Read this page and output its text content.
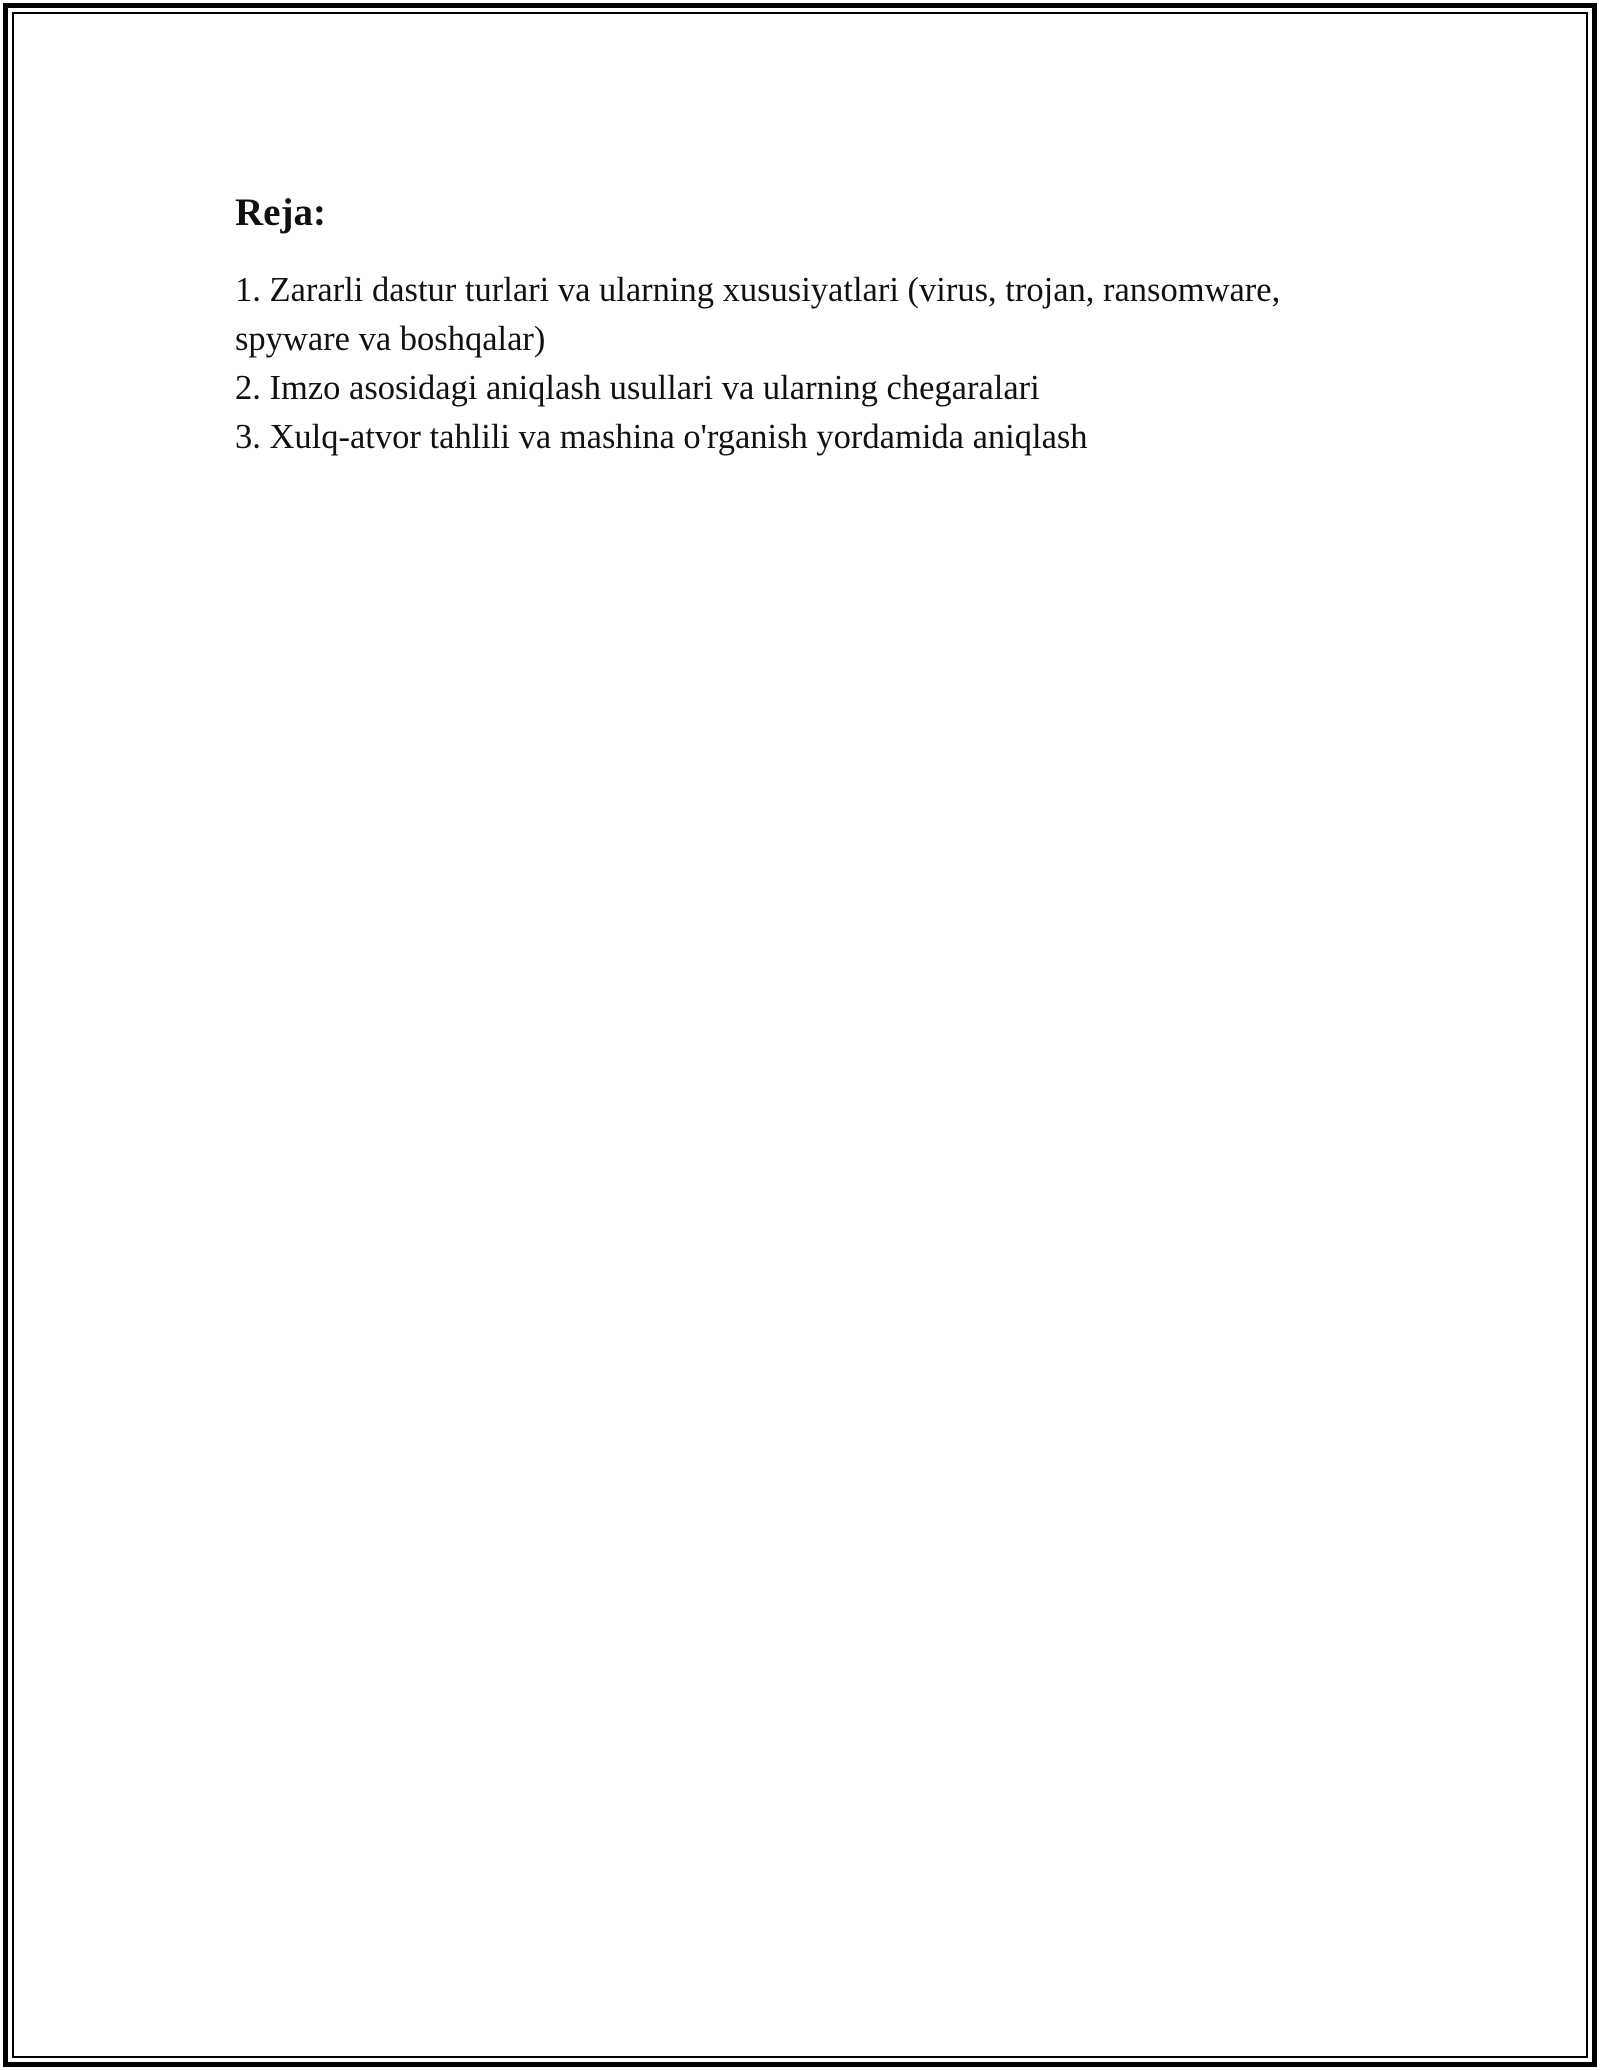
Reja:
1. Zararli dastur turlari va ularning xususiyatlari (virus, trojan, ransomware, spyware va boshqalar)
2. Imzo asosidagi aniqlash usullari va ularning chegaralari
3. Xulq-atvor tahlili va mashina o'rganish yordamida aniqlash
